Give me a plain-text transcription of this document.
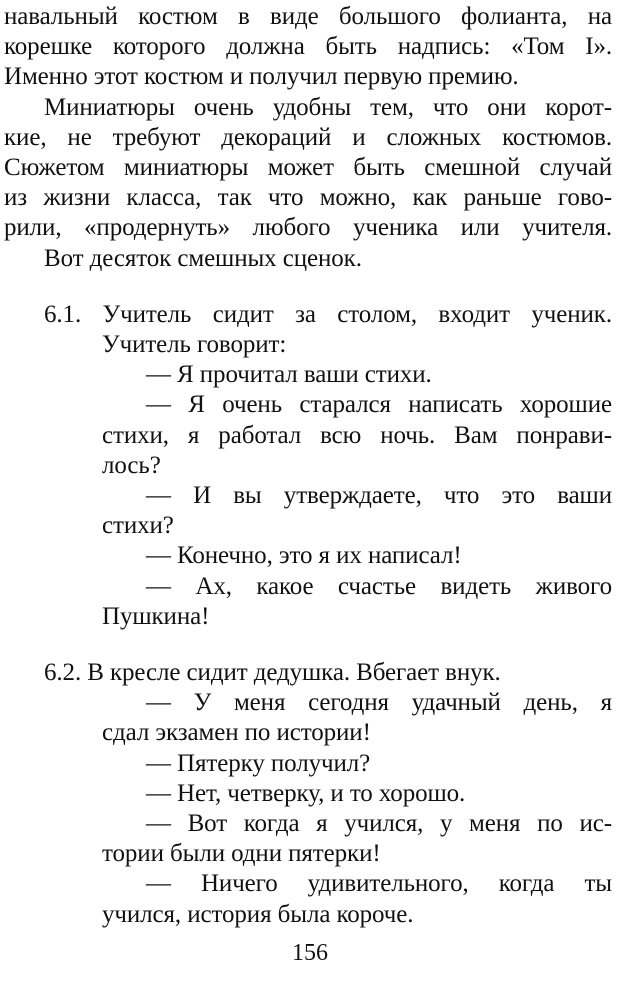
навальный костюм в виде большого фолианта, на
корешке которого должна быть надпись: «Том I».
Именно этот костюм и получил первую премию.
Миниатюры очень удобны тем, что они корот-
кие, не требуют декораций и сложных костюмов.
Сюжетом миниатюры может быть смешной случай
из жизни класса, так что можно, как раньше гово-
рили, «продернуть» любого ученика или учителя.
Вот десяток смешных сценок.
6.1. Учитель сидит за столом, входит ученик.
Учитель говорит:
— Я прочитал ваши стихи.
— Я очень старался написать хорошие
стихи, я работал всю ночь. Вам понрави-
лось?
— И вы утверждаете, что это ваши
стихи?
— Конечно, это я их написал!
— Ах, какое счастье видеть живого
Пушкина!
6.2. В кресле сидит дедушка. Вбегает внук.
— У меня сегодня удачный день, я
сдал экзамен по истории!
— Пятерку получил?
— Нет, четверку, и то хорошо.
— Вот когда я учился, у меня по ис-
тории были одни пятерки!
— Ничего удивительного, когда ты
учился, история была короче.
156
